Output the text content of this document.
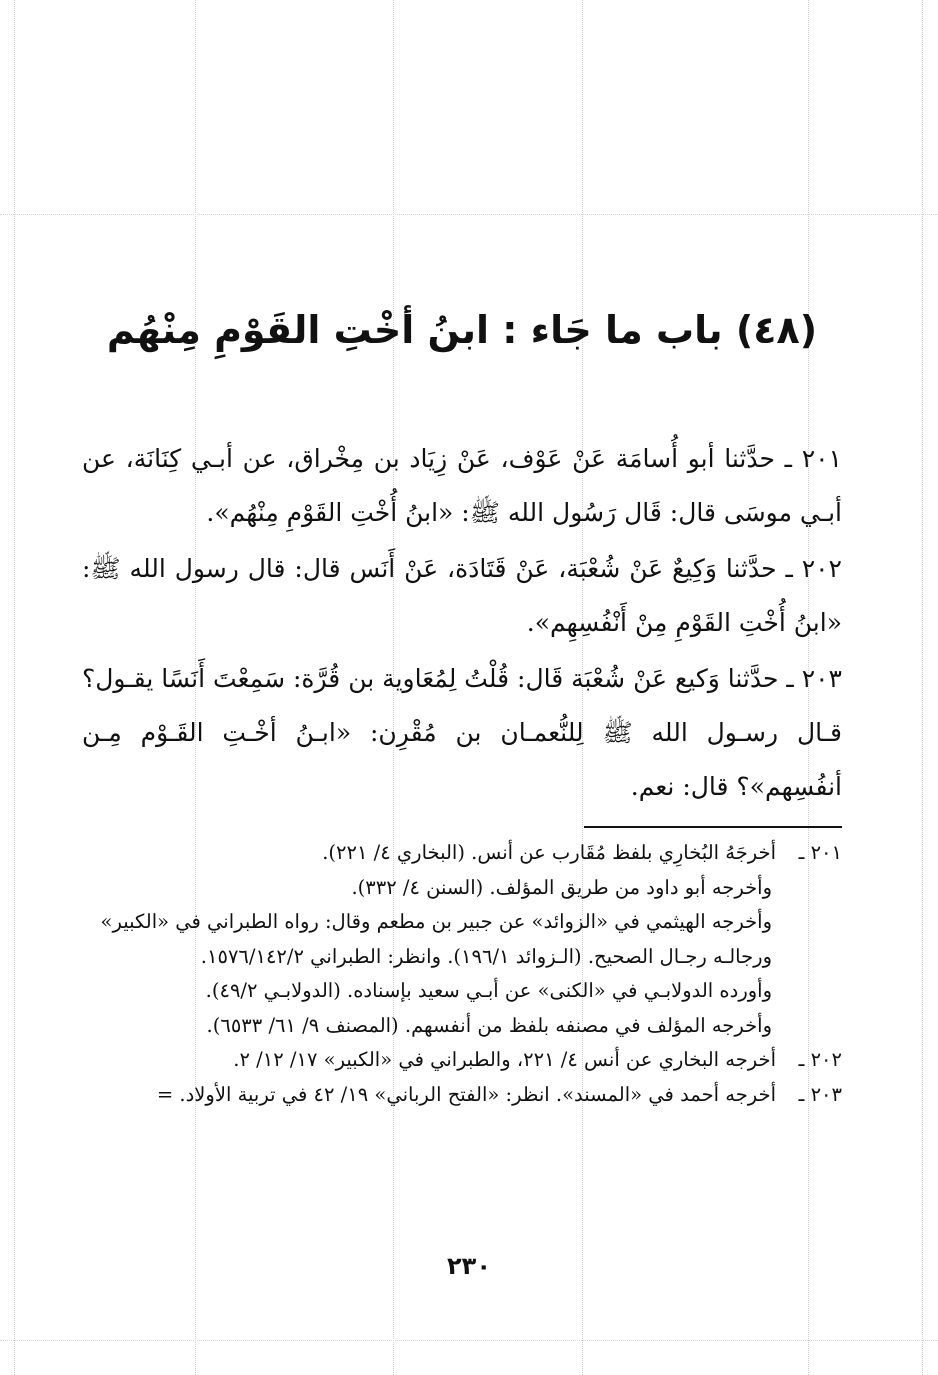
(٤٨) باب ما جَاء : ابنُ أخْتِ القَوْمِ مِنْهُم

٢٠١ ـ حدَّثنا أبو أُسامَة عَنْ عَوْف، عَنْ زِيَاد بن مِخْراق، عن أبـي كِنَانَة، عن أبـي موسَى قال: قَال رَسُول الله ﷺ: «ابنُ أُخْتِ القَوْمِ مِنْهُم».

٢٠٢ ـ حدَّثنا وَكِيعٌ عَنْ شُعْبَة، عَنْ قَتَادَة، عَنْ أَنَس قال: قال رسول الله ﷺ: «ابنُ أُخْتِ القَوْمِ مِنْ أَنْفُسِهِم».

٢٠٣ ـ حدَّثنا وَكيع عَنْ شُعْبَة قَال: قُلْتُ لِمُعَاوية بن قُرَّة: سَمِعْتَ أَنَسًا يقـول؟ قـال رسـول الله ﷺ لِلنُّعمـان بن مُقْرِن: «ابـنُ أخْـتِ القَـوْم مِـن أنفُسِهم»؟ قال: نعم.

٢٠١ ـأخرجَهُ البُخارِي بلفظ مُقَارب عن أنس. (البخاري ٤/ ٢٢١).

وأخرجه أبو داود من طريق المؤلف. (السنن ٤/ ٣٣٢).

وأخرجه الهيثمي في «الزوائد» عن جبير بن مطعم وقال: رواه الطبراني في «الكبير» ورجالـه رجـال الصحيح. (الـزوائد ١٩٦/١). وانظر: الطبراني ١٥٧٦/١٤٢/٢.

وأورده الدولابـي في «الكنى» عن أبـي سعيد بإسناده. (الدولابـي ٤٩/٢).

وأخرجه المؤلف في مصنفه بلفظ من أنفسهم. (المصنف ٩/ ٦١/ ٦٥٣٣).

٢٠٢ ـأخرجه البخاري عن أنس ٤/ ٢٢١، والطبراني في «الكبير» ١٧/ ١٢/ ٢.

٢٠٣ ـأخرجه أحمد في «المسند». انظر: «الفتح الرباني» ١٩/ ٤٢ في تربية الأولاد. =

٢٣٠
